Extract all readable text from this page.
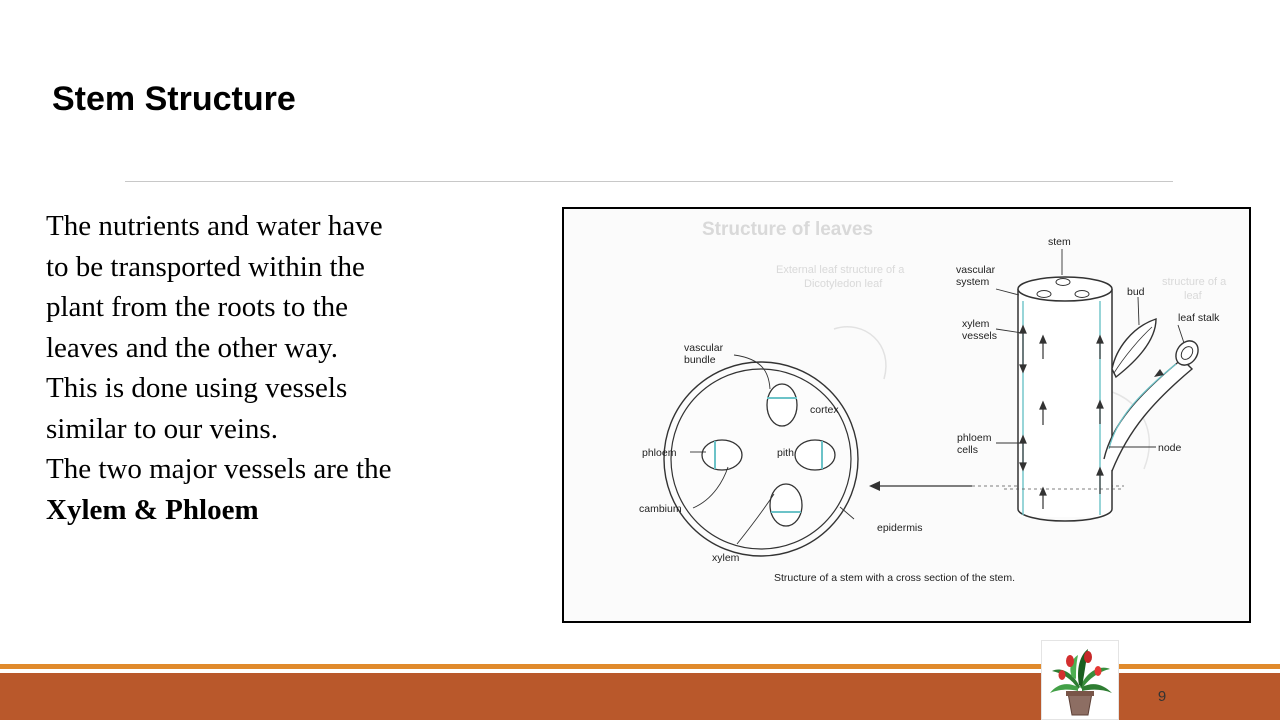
Stem Structure
The nutrients and water have
to be transported within the
plant from the roots to the
leaves and the other way.
This is done using vessels
similar to our veins.
The two major vessels are the
Xylem & Phloem
Structure of leaves
External leaf structure of a
Dicotyledon leaf	structure of a
leaf
vascular
bundle
cortex
phloem	pith
cambium
xylem
epidermis
stem
vascular
system
bud
leaf stalk
xylem
vessels
phloem
cells	node
Structure of a stem with a cross section of the stem.
9
